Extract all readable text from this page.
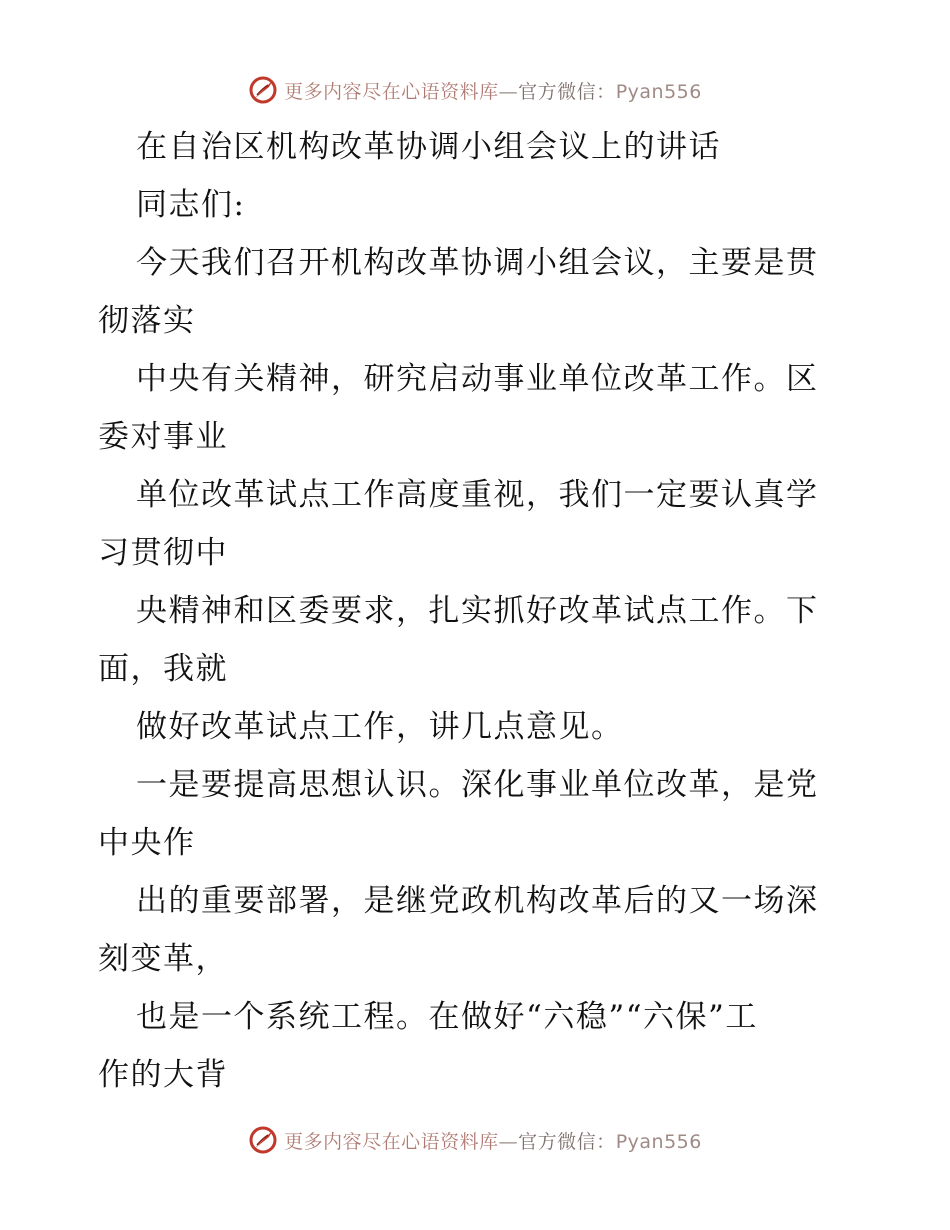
更多内容尽在心语资料库—官方微信：Pyan556
在自治区机构改革协调小组会议上的讲话
同志们:
今天我们召开机构改革协调小组会议，主要是贯
彻落实
中央有关精神，研究启动事业单位改革工作。区
委对事业
单位改革试点工作高度重视，我们一定要认真学
习贯彻中
央精神和区委要求，扎实抓好改革试点工作。下
面，我就
做好改革试点工作，讲几点意见。
一是要提高思想认识。深化事业单位改革，是党
中央作
出的重要部署，是继党政机构改革后的又一场深
刻变革，
也是一个系统工程。在做好“六稳”“六保”工
作的大背
更多内容尽在心语资料库—官方微信：Pyan556
